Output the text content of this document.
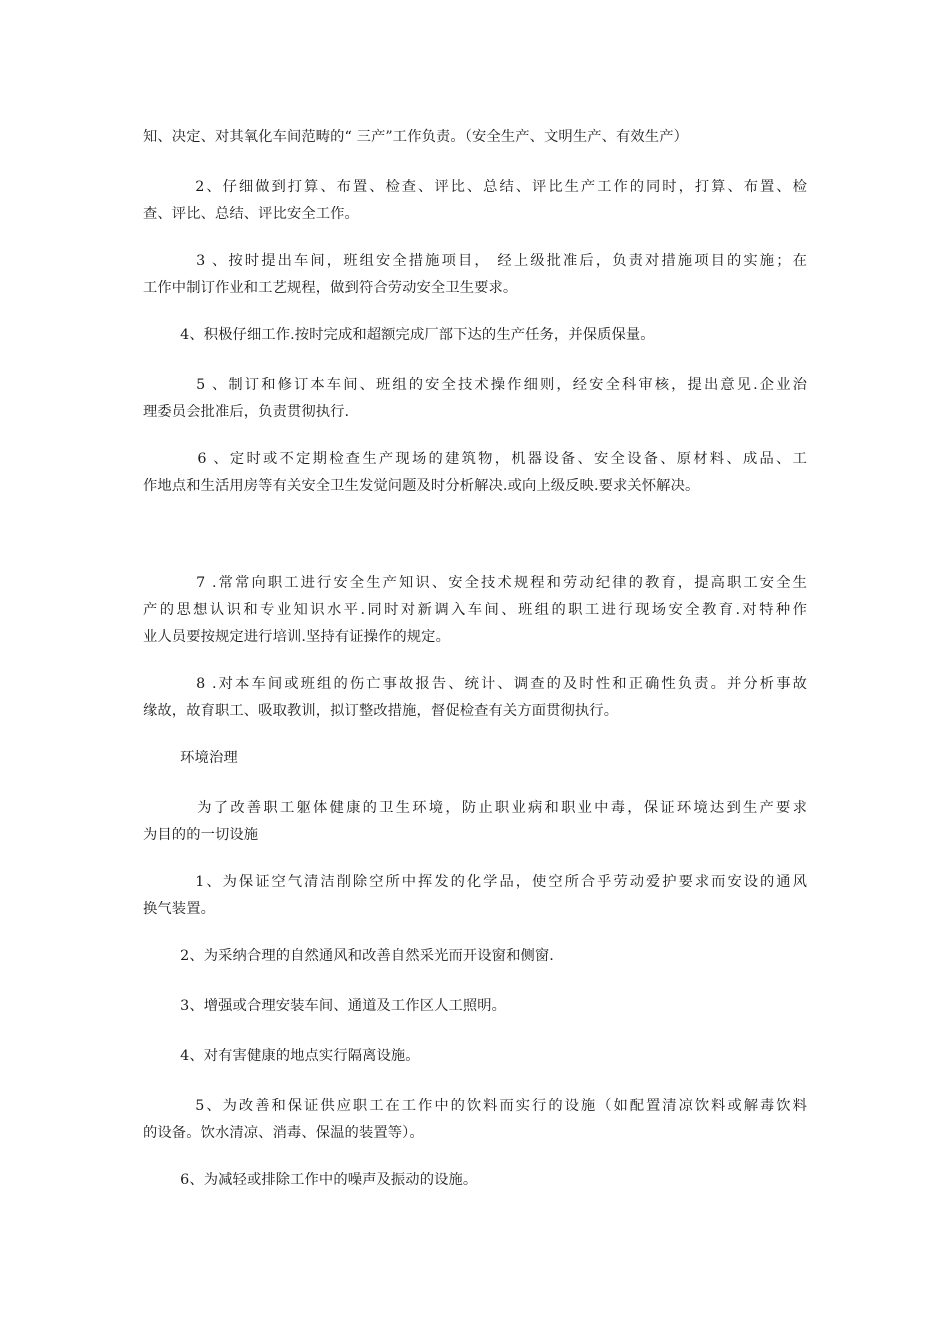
知、决定、对其氧化车间范畴的“ 三产”工作负责。（安全生产、文明生产、有效生产）
2、仔细做到打算、布置、检查、评比、总结、评比生产工作的同时，打算、布置、检
查、评比、总结、评比安全工作。
3 、按时提出车间，班组安全措施项目， 经上级批准后，负责对措施项目的实施；在
工作中制订作业和工艺规程，做到符合劳动安全卫生要求。
4、积极仔细工作.按时完成和超额完成厂部下达的生产任务，并保质保量。
5 、制订和修订本车间、班组的安全技术操作细则，经安全科审核，提出意见.企业治
理委员会批准后，负责贯彻执行.
6 、定时或不定期检查生产现场的建筑物，机器设备、安全设备、原材料、成品、工
作地点和生活用房等有关安全卫生发觉问题及时分析解决.或向上级反映.要求关怀解决。
7 .常常向职工进行安全生产知识、安全技术规程和劳动纪律的教育，提高职工安全生
产的思想认识和专业知识水平.同时对新调入车间、班组的职工进行现场安全教育.对特种作
业人员要按规定进行培训.坚持有证操作的规定。
8 .对本车间或班组的伤亡事故报告、统计、调查的及时性和正确性负责。并分析事故
缘故，故育职工、吸取教训，拟订整改措施，督促检查有关方面贯彻执行。
环境治理
为了改善职工躯体健康的卫生环境，防止职业病和职业中毒，保证环境达到生产要求
为目的的一切设施
1、为保证空气清洁削除空所中挥发的化学品，使空所合乎劳动爱护要求而安设的通风
换气装置。
2、为采纳合理的自然通风和改善自然采光而开设窗和侧窗.
3、增强或合理安装车间、通道及工作区人工照明。
4、对有害健康的地点实行隔离设施。
5、为改善和保证供应职工在工作中的饮料而实行的设施（如配置清凉饮料或解毒饮料
的设备。饮水清凉、消毒、保温的装置等）。
6、为减轻或排除工作中的噪声及振动的设施。
